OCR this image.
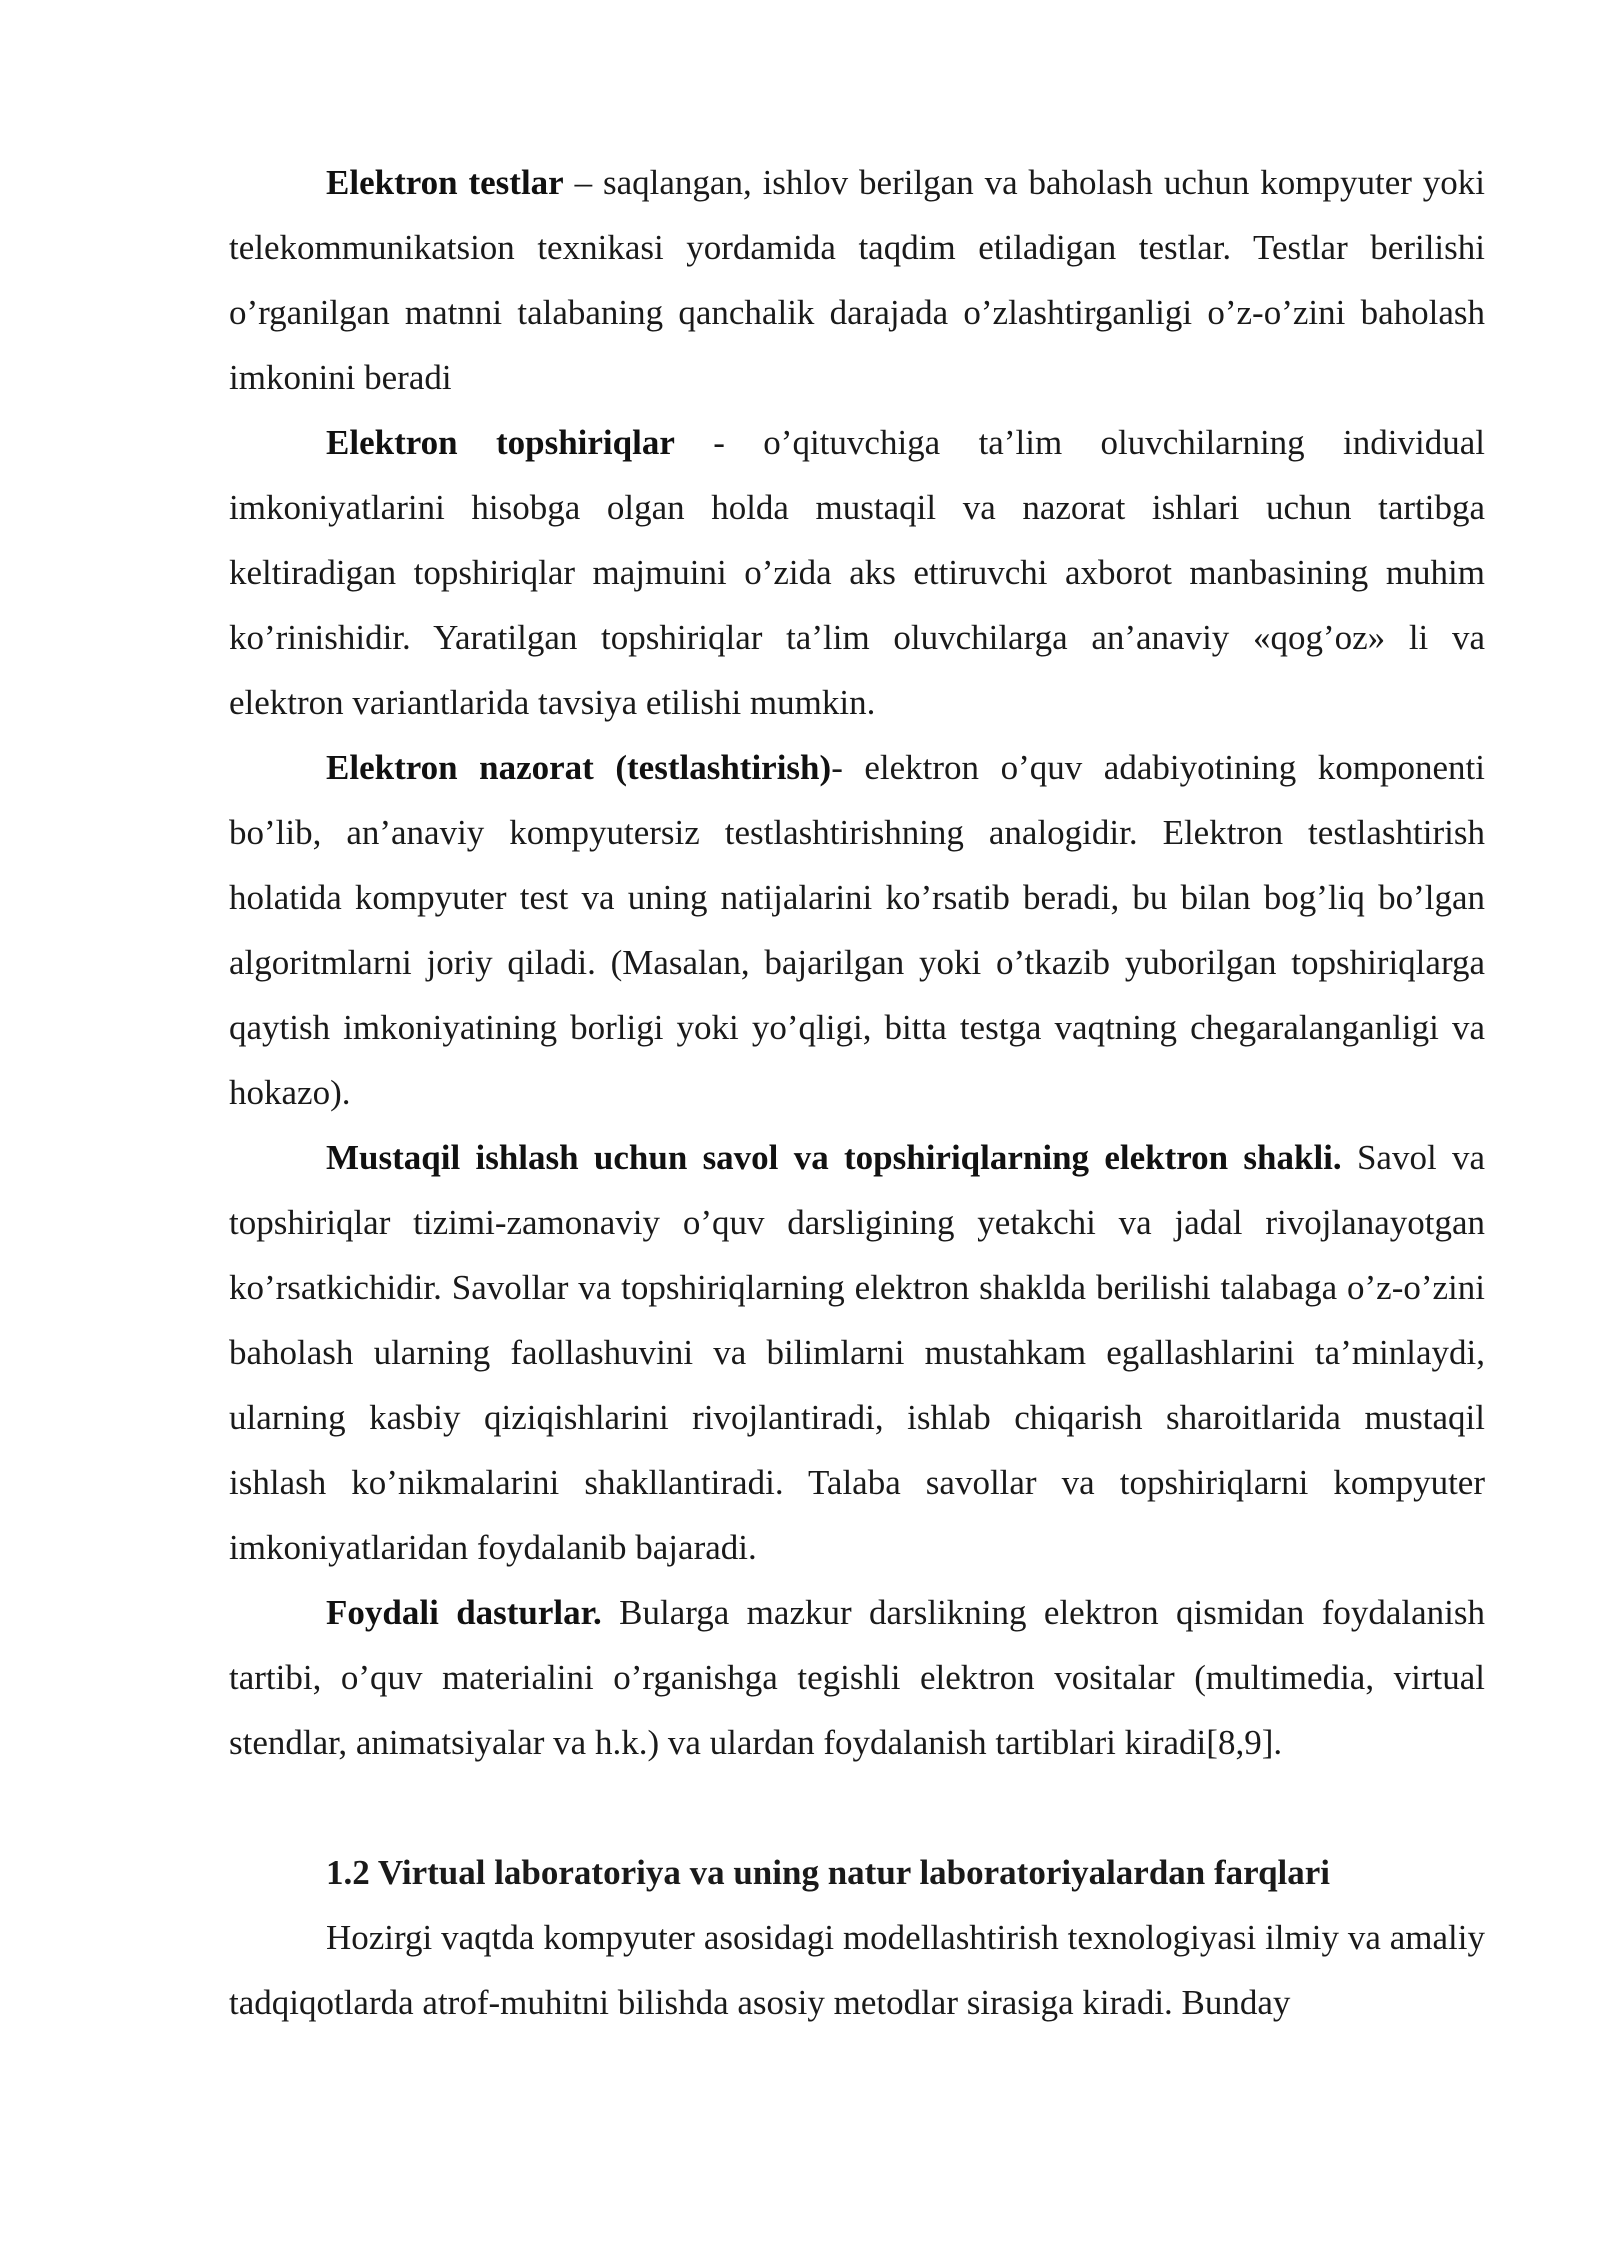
Elektron testlar – saqlangan, ishlov berilgan va baholash uchun kompyuter yoki telekommunikatsion texnikasi yordamida taqdim etiladigan testlar. Testlar berilishi o’rganilgan matnni talabaning qanchalik darajada o’zlashtirganligi o’z-o’zini baholash imkonini beradi

Elektron topshiriqlar - o’qituvchiga ta’lim oluvchilarning individual imkoniyatlarini hisobga olgan holda mustaqil va nazorat ishlari uchun tartibga keltiradigan topshiriqlar majmuini o’zida aks ettiruvchi axborot manbasining muhim ko’rinishidir. Yaratilgan topshiriqlar ta’lim oluvchilarga an’anaviy «qog’oz» li va elektron variantlarida tavsiya etilishi mumkin.

Elektron nazorat (testlashtirish)- elektron o’quv adabiyotining komponenti bo’lib, an’anaviy kompyutersiz testlashtirishning analogidir. Elektron testlashtirish holatida kompyuter test va uning natijalarini ko’rsatib beradi, bu bilan bog’liq bo’lgan algoritmlarni joriy qiladi. (Masalan, bajarilgan yoki o’tkazib yuborilgan topshiriqlarga qaytish imkoniyatining borligi yoki yo’qligi, bitta testga vaqtning chegaralanganligi va hokazo).

Mustaqil ishlash uchun savol va topshiriqlarning elektron shakli. Savol va topshiriqlar tizimi-zamonaviy o’quv darsligining yetakchi va jadal rivojlanayotgan ko’rsatkichidir. Savollar va topshiriqlarning elektron shaklda berilishi talabaga o’z-o’zini baholash ularning faollashuvini va bilimlarni mustahkam egallashlarini ta’minlaydi, ularning kasbiy qiziqishlarini rivojlantiradi, ishlab chiqarish sharoitlarida mustaqil ishlash ko’nikmalarini shakllantiradi. Talaba savollar va topshiriqlarni kompyuter imkoniyatlaridan foydalanib bajaradi.

Foydali dasturlar. Bularga mazkur darslikning elektron qismidan foydalanish tartibi, o’quv materialini o’rganishga tegishli elektron vositalar (multimedia, virtual stendlar, animatsiyalar va h.k.) va ulardan foydalanish tartiblari kiradi[8,9].

1.2 Virtual laboratoriya va uning natur laboratoriyalardan farqlari

Hozirgi vaqtda kompyuter asosidagi modellashtirish texnologiyasi ilmiy va amaliy tadqiqotlarda atrof-muhitni bilishda asosiy metodlar sirasiga kiradi. Bunday
